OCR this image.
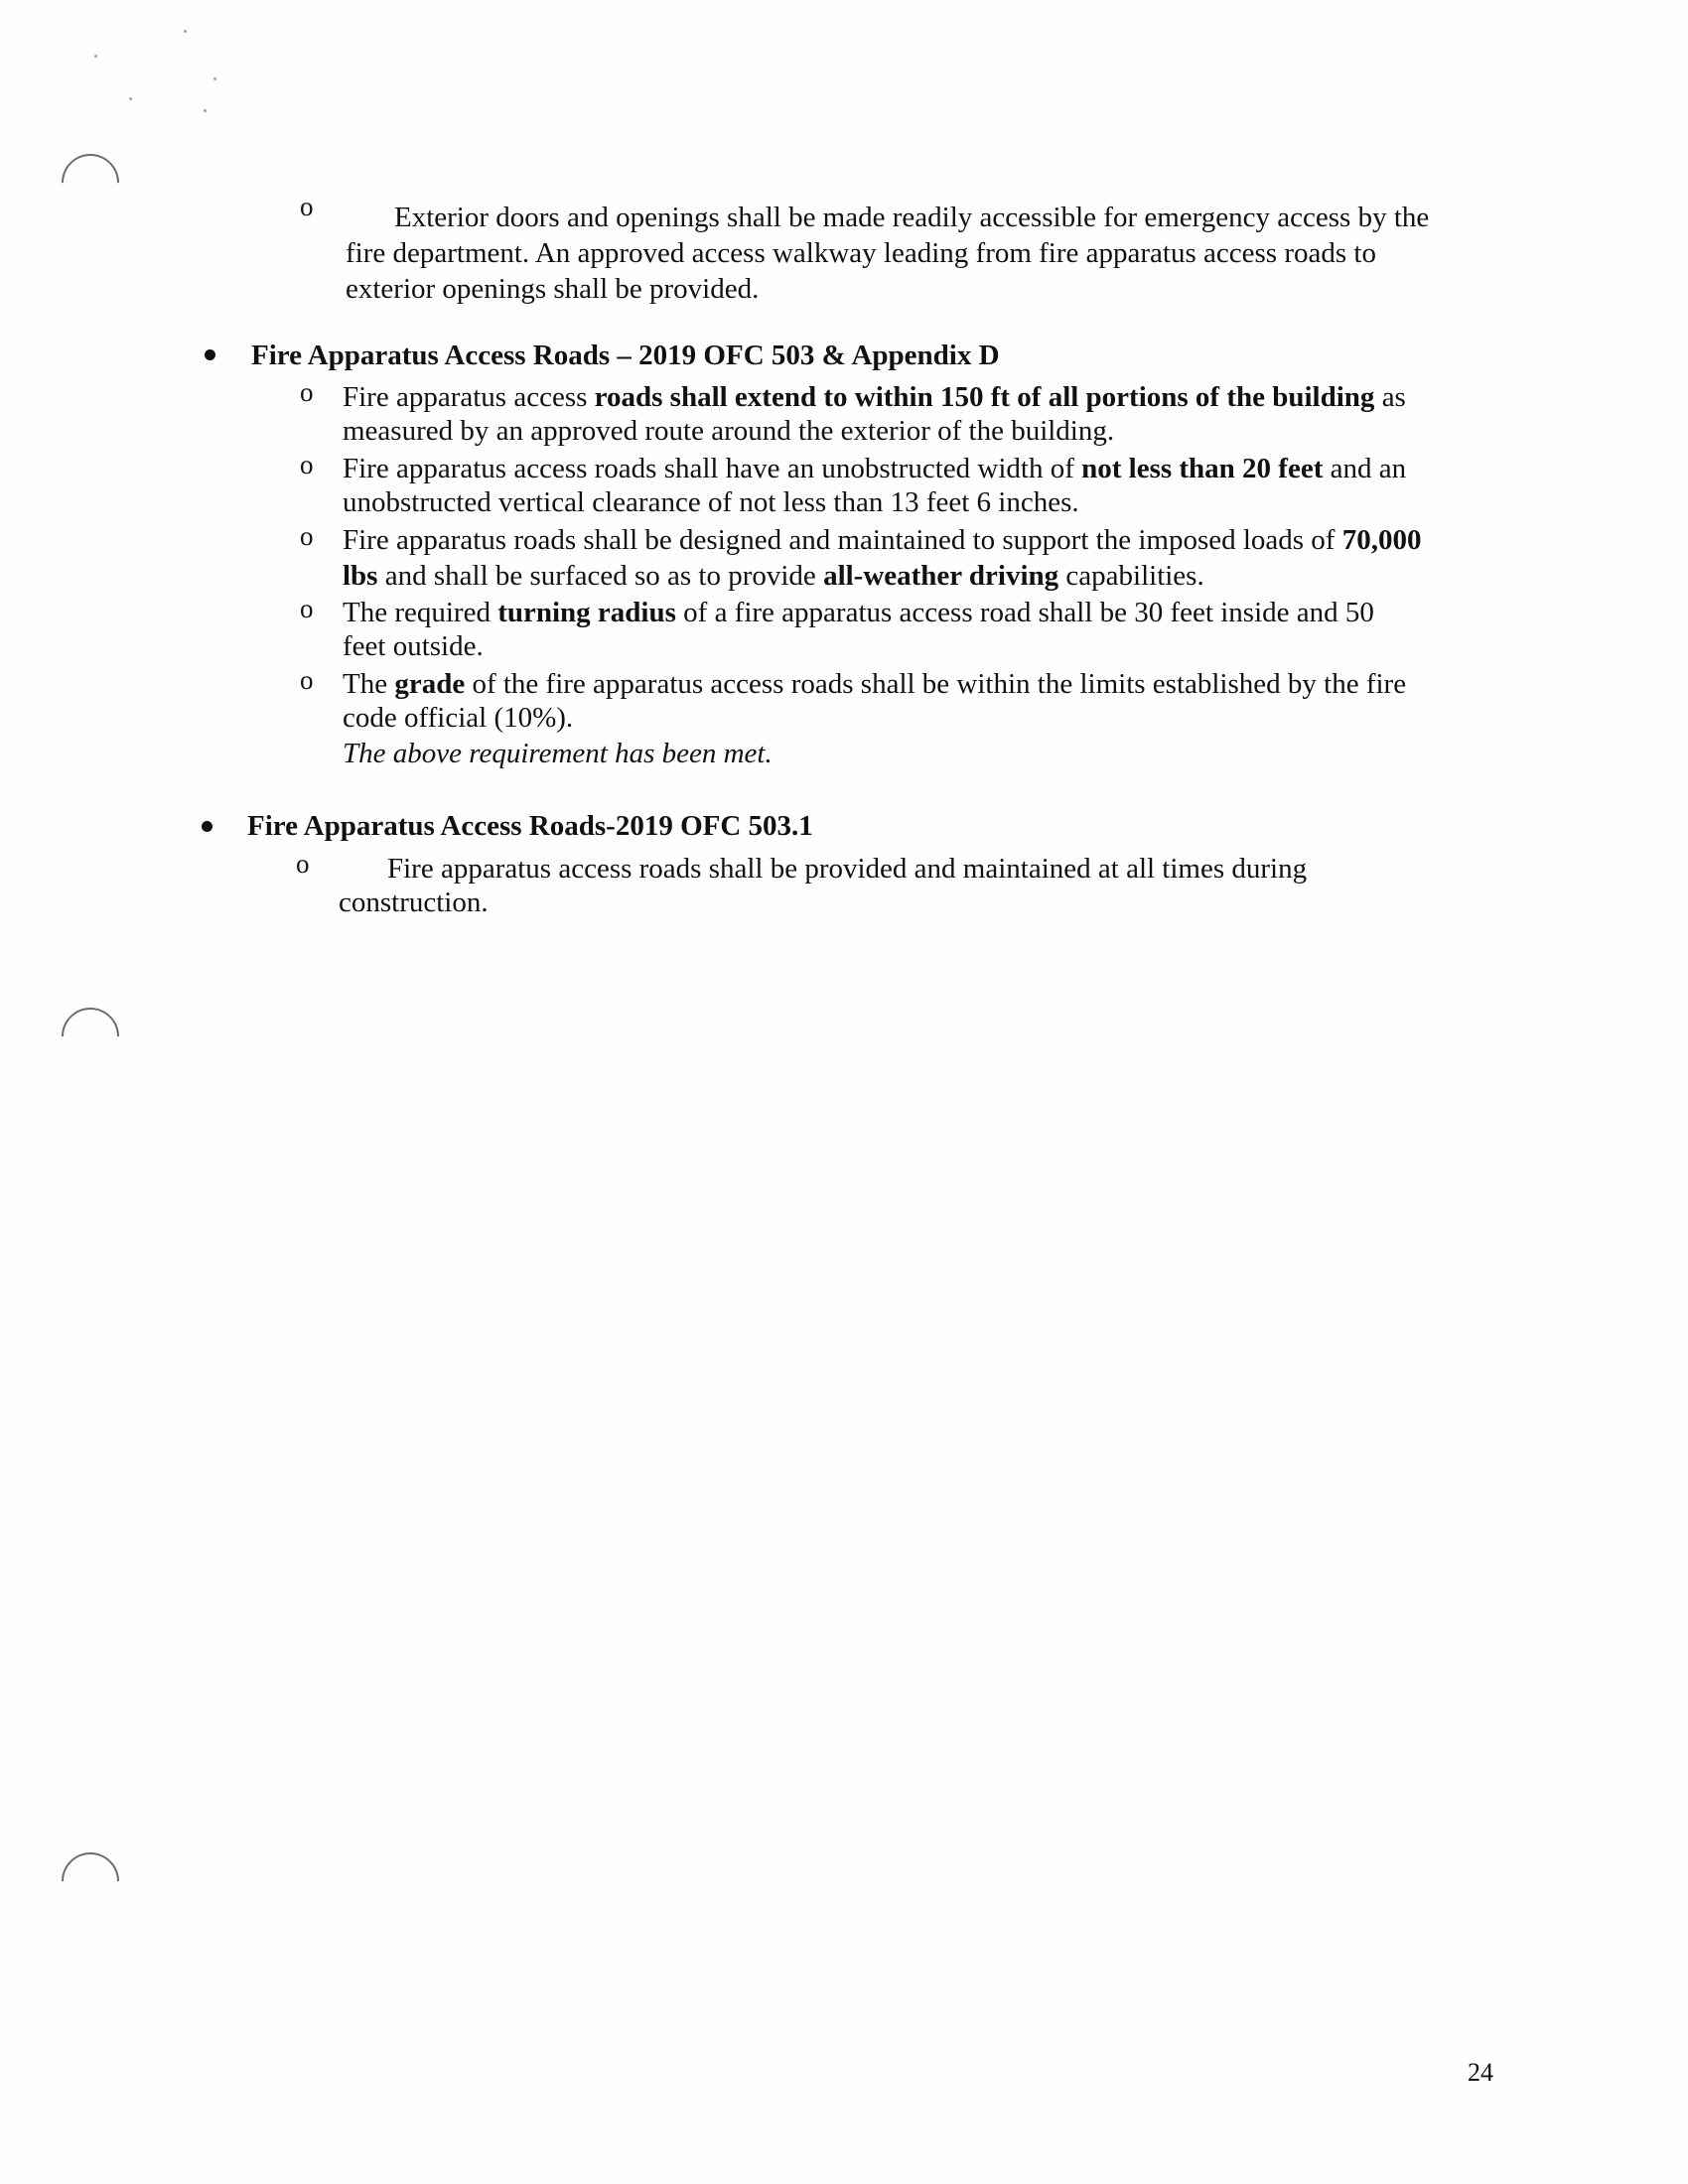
o	Exterior doors and openings shall be made readily accessible for emergency access by the
fire department. An approved access walkway leading from fire apparatus access roads to
exterior openings shall be provided.
Fire Apparatus Access Roads – 2019 OFC 503 & Appendix D
o Fire apparatus access roads shall extend to within 150 ft of all portions of the building as
measured by an approved route around the exterior of the building.
o Fire apparatus access roads shall have an unobstructed width of not less than 20 feet and an
unobstructed vertical clearance of not less than 13 feet 6 inches.
o Fire apparatus roads shall be designed and maintained to support the imposed loads of 70,000
lbs and shall be surfaced so as to provide all-weather driving capabilities.
o The required turning radius of a fire apparatus access road shall be 30 feet inside and 50
feet outside.
o The grade of the fire apparatus access roads shall be within the limits established by the fire
code official (10%).
The above requirement has been met.
Fire Apparatus Access Roads-2019 OFC 503.1
o	Fire apparatus access roads shall be provided and maintained at all times during
construction.
24
